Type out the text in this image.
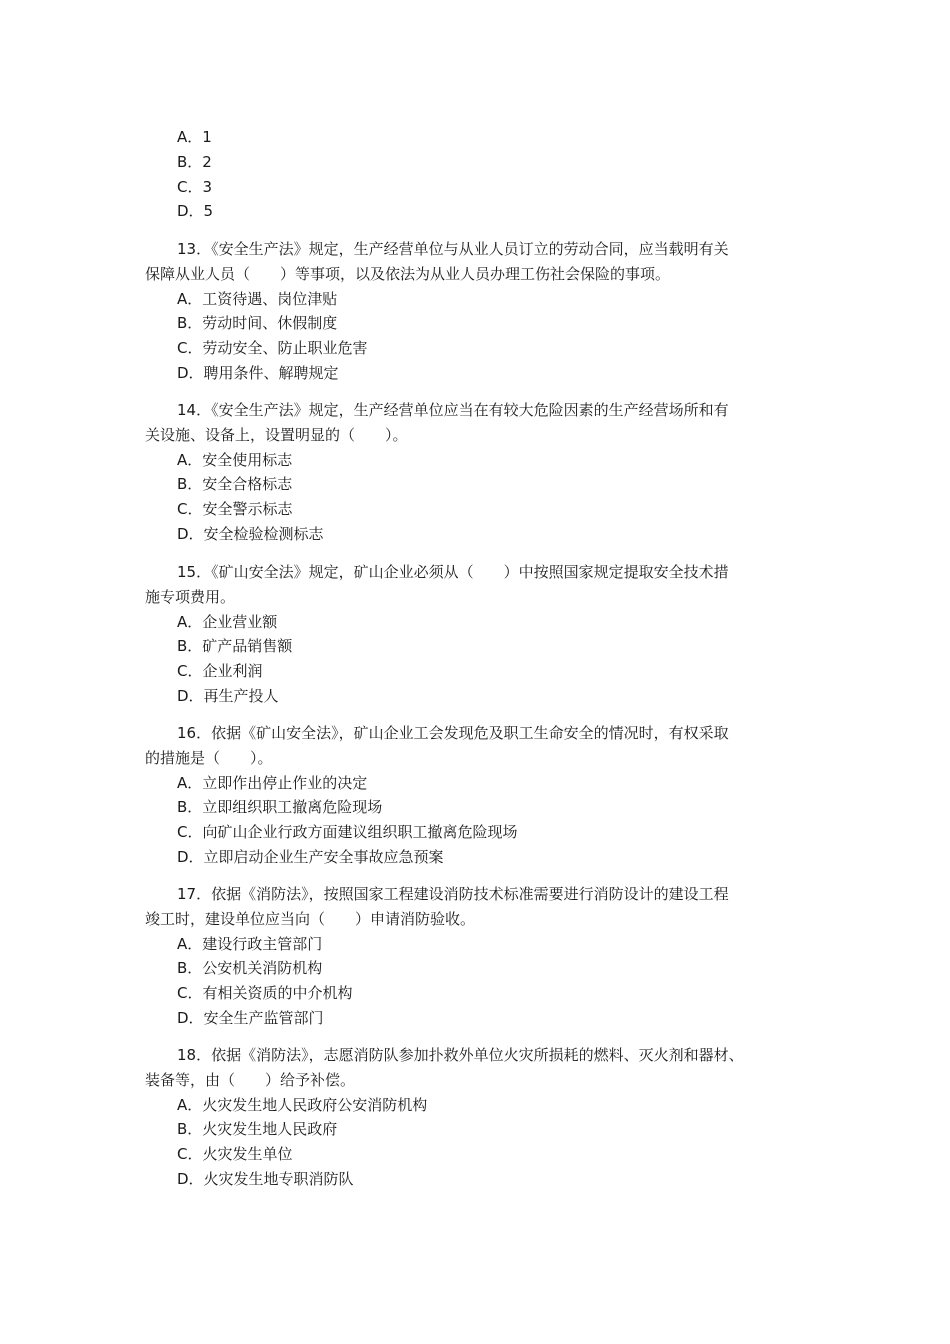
A．1
B．2
C．3
D．5
13．《安全生产法》规定，生产经营单位与从业人员订立的劳动合同，应当载明有关
保障从业人员（　　）等事项，以及依法为从业人员办理工伤社会保险的事项。
A．工资待遇、岗位津贴
B．劳动时间、休假制度
C．劳动安全、防止职业危害
D．聘用条件、解聘规定
14．《安全生产法》规定，生产经营单位应当在有较大危险因素的生产经营场所和有
关设施、设备上，设置明显的（　　）。
A．安全使用标志
B．安全合格标志
C．安全警示标志
D．安全检验检测标志
15．《矿山安全法》规定，矿山企业必须从（　　）中按照国家规定提取安全技术措
施专项费用。
A．企业营业额
B．矿产品销售额
C．企业利润
D．再生产投人
16．依据《矿山安全法》，矿山企业工会发现危及职工生命安全的情况时，有权采取
的措施是（　　）。
A．立即作出停止作业的决定
B．立即组织职工撤离危险现场
C．向矿山企业行政方面建议组织职工撤离危险现场
D．立即启动企业生产安全事故应急预案
17．依据《消防法》，按照国家工程建设消防技术标准需要进行消防设计的建设工程
竣工时，建设单位应当向（　　）申请消防验收。
A．建设行政主管部门
B．公安机关消防机构
C．有相关资质的中介机构
D．安全生产监管部门
18．依据《消防法》，志愿消防队参加扑救外单位火灾所损耗的燃料、灭火剂和器材、
装备等，由（　　）给予补偿。
A．火灾发生地人民政府公安消防机构
B．火灾发生地人民政府
C．火灾发生单位
D．火灾发生地专职消防队
